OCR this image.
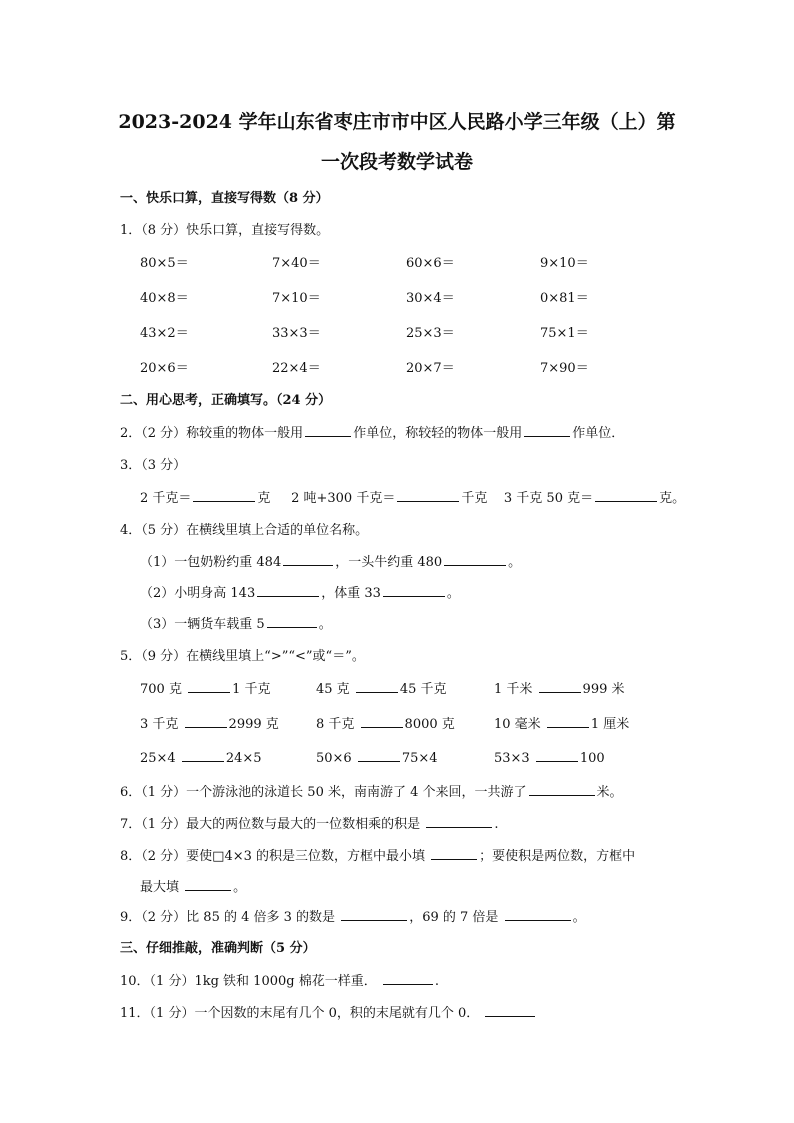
2023-2024 学年山东省枣庄市市中区人民路小学三年级（上）第
一次段考数学试卷
一、快乐口算，直接写得数（8 分）
1．（8 分）快乐口算，直接写得数。
80×5＝	7×40＝	60×6＝	9×10＝
40×8＝	7×10＝	30×4＝	0×81＝
43×2＝	33×3＝	25×3＝	75×1＝
20×6＝	22×4＝	20×7＝	7×90＝
二、用心思考，正确填写。（24 分）
2．（2 分）称较重的物体一般用	作单位，称较轻的物体一般用	作单位．
3．（3 分）
2 千克＝	克 2 吨+300 千克＝	千克 3 千克 50 克＝	克。
4．（5 分）在横线里填上合适的单位名称。
（1）一包奶粉约重 484	，一头牛约重 480	。
（2）小明身高 143	，体重 33	。
（3）一辆货车载重 5	。
5．（9 分）在横线里填上“>”“<”或“＝”。
700 克	1 千克	45 克	45 千克	1 千米	999 米
3 千克	2999 克	8 千克	8000 克	10 毫米	1 厘米
25×4	24×5	50×6	75×4	53×3	100
6．（1 分）一个游泳池的泳道长 50 米，南南游了 4 个来回，一共游了	米。
7．（1 分）最大的两位数与最大的一位数相乘的积是	.
8．（2 分）要使□4×3 的积是三位数，方框中最小填	；要使积是两位数，方框中
最大填	。
9．（2 分）比 85 的 4 倍多 3 的数是	，69 的 7 倍是	。
三、仔细推敲，准确判断（5 分）
10．（1 分）1kg 铁和 1000g 棉花一样重．	.
11．（1 分）一个因数的末尾有几个 0，积的末尾就有几个 0．
